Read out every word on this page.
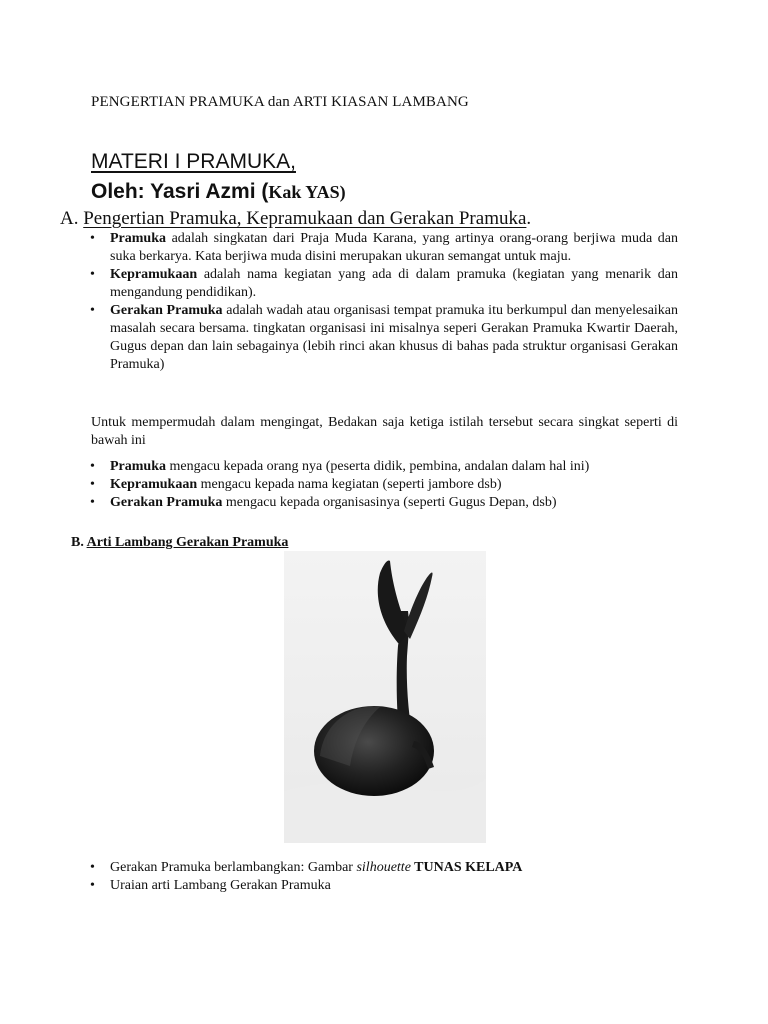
PENGERTIAN PRAMUKA dan ARTI KIASAN LAMBANG
MATERI I PRAMUKA,
Oleh: Yasri Azmi (Kak YAS)
A. Pengertian Pramuka, Kepramukaan dan Gerakan Pramuka.
• Pramuka adalah singkatan dari Praja Muda Karana, yang artinya orang-orang berjiwa muda dan suka berkarya. Kata berjiwa muda disini merupakan ukuran semangat untuk maju.
• Kepramukaan adalah nama kegiatan yang ada di dalam pramuka (kegiatan yang menarik dan mengandung pendidikan).
• Gerakan Pramuka adalah wadah atau organisasi tempat pramuka itu berkumpul dan menyelesaikan masalah secara bersama. tingkatan organisasi ini misalnya seperi Gerakan Pramuka Kwartir Daerah, Gugus depan dan lain sebagainya (lebih rinci akan khusus di bahas pada struktur organisasi Gerakan Pramuka)

Untuk mempermudah dalam mengingat, Bedakan saja ketiga istilah tersebut secara singkat seperti di bawah ini

• Pramuka mengacu kepada orang nya (peserta didik, pembina, andalan dalam hal ini)
• Kepramukaan mengacu kepada nama kegiatan (seperti jambore dsb)
• Gerakan Pramuka mengacu kepada organisasinya (seperti Gugus Depan, dsb)
B. Arti Lambang Gerakan Pramuka
• Gerakan Pramuka berlambangkan: Gambar silhouette TUNAS KELAPA
• Uraian arti Lambang Gerakan Pramuka
